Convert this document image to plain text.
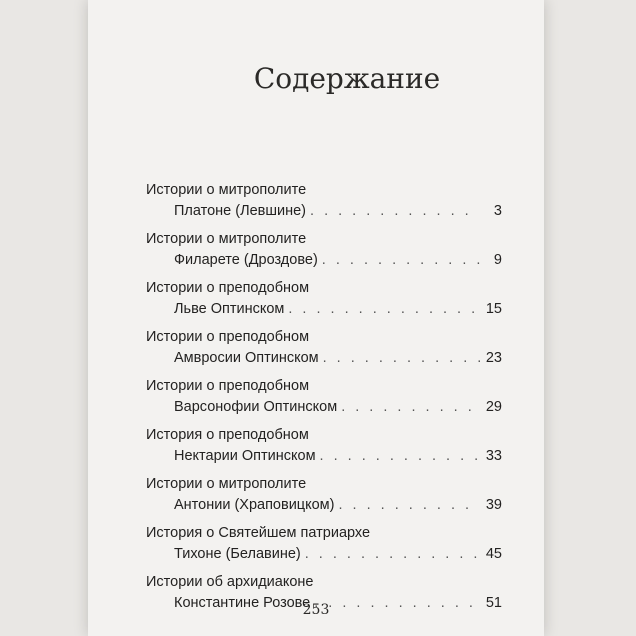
Содержание
Истории о митрополите
Платоне (Левшине) . . .	3
Истории о митрополите
Филарете (Дроздове) . . .	9
Истории о преподобном
Льве Оптинском . . .	15
Истории о преподобном
Амвросии Оптинском . . .	23
Истории о преподобном
Варсонофии Оптинском . . .	29
История о преподобном
Нектарии Оптинском . . .	33
Истории о митрополите
Антонии (Храповицком) . . .	39
История о Святейшем патриархе
Тихоне (Белавине) . . .	45
Истории об архидиаконе
Константине Розове . . .	51
253
